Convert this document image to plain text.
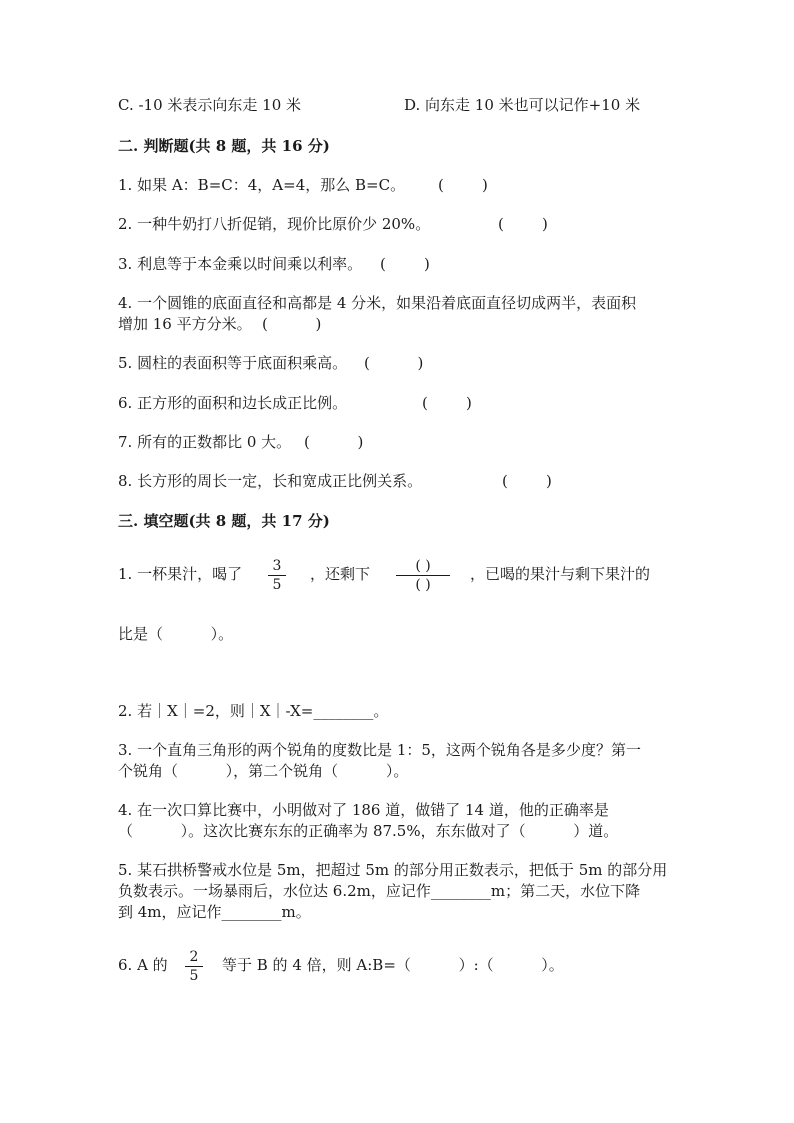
C. -10 米表示向东走 10 米	D. 向东走 10 米也可以记作+10 米
二. 判断题(共 8 题，共 16 分)
1. 如果 A：B=C：4，A=4，那么 B=C。 (        )
2. 一种牛奶打八折促销，现价比原价少 20%。	(        )
3. 利息等于本金乘以时间乘以利率。 (        )
4. 一个圆锥的底面直径和高都是 4 分米，如果沿着底面直径切成两半，表面积
增加 16 平方分米。 (          )
5. 圆柱的表面积等于底面积乘高。 (          )
6. 正方形的面积和边长成正比例。	(        )
7. 所有的正数都比 0 大。 (          )
8. 长方形的周长一定，长和宽成正比例关系。	(        )
三. 填空题(共 8 题，共 17 分)
1. 一杯果汁，喝了	3
5
，还剩下	( )
( )
，已喝的果汁与剩下果汁的
比是（          ）。
2. 若｜X｜=2，则｜X｜-X=________。
3. 一个直角三角形的两个锐角的度数比是 1：5，这两个锐角各是多少度？第一
个锐角（          ），第二个锐角（          ）。
4. 在一次口算比赛中，小明做对了 186 道，做错了 14 道，他的正确率是
（          ）。这次比赛东东的正确率为 87.5%，东东做对了（          ）道。
5. 某石拱桥警戒水位是 5m，把超过 5m 的部分用正数表示，把低于 5m 的部分用
负数表示。一场暴雨后，水位达 6.2m，应记作________m；第二天，水位下降
到 4m，应记作________m。
6. A 的	2
5
等于 B 的 4 倍，则 A:B=（          ）:（          ）。
